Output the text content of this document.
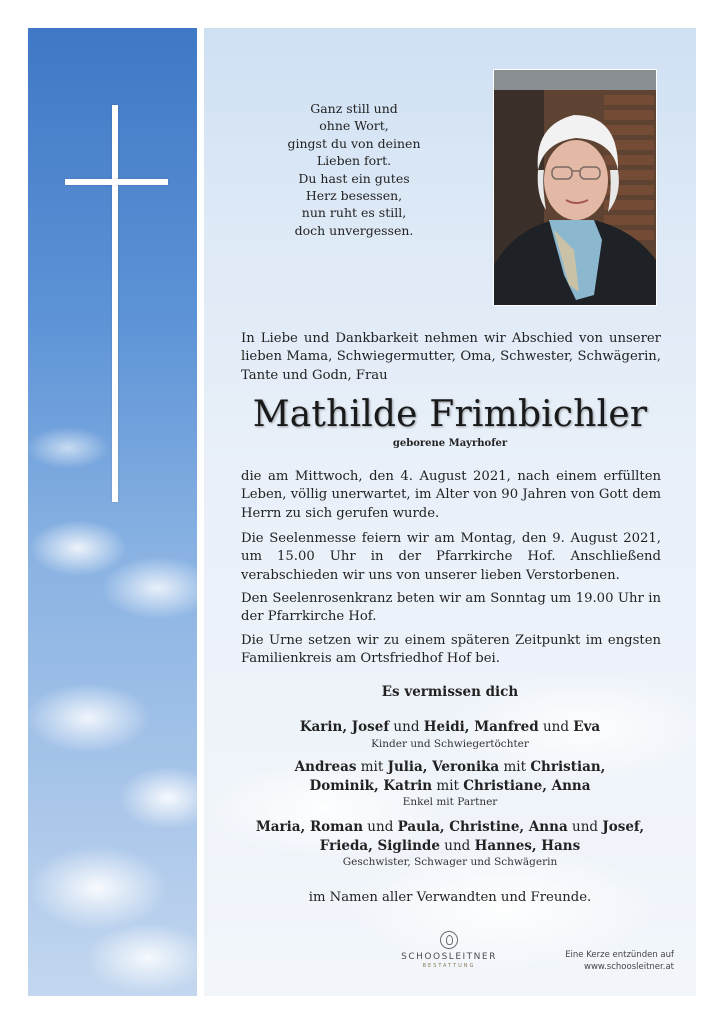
Ganz still und
ohne Wort,
gingst du von deinen
Lieben fort.
Du hast ein gutes
Herz besessen,
nun ruht es still,
doch unvergessen.
In Liebe und Dankbarkeit nehmen wir Abschied von unserer lieben Mama, Schwiegermutter, Oma, Schwester, Schwägerin, Tante und Godn, Frau
Mathilde Frimbichler
geborene Mayrhofer
die am Mittwoch, den 4. August 2021, nach einem erfüllten Leben, völlig unerwartet, im Alter von 90 Jahren von Gott dem Herrn zu sich gerufen wurde.
Die Seelenmesse feiern wir am Montag, den 9. August 2021, um 15.00 Uhr in der Pfarrkirche Hof. Anschließend verabschieden wir uns von unserer lieben Verstorbenen.
Den Seelenrosenkranz beten wir am Sonntag um 19.00 Uhr in der Pfarrkirche Hof.
Die Urne setzen wir zu einem späteren Zeitpunkt im engsten Familienkreis am Ortsfriedhof Hof bei.
Es vermissen dich
Karin, Josef und Heidi, Manfred und Eva
Kinder und Schwiegertöchter
Andreas mit Julia, Veronika mit Christian,
Dominik, Katrin mit Christiane, Anna
Enkel mit Partner
Maria, Roman und Paula, Christine, Anna und Josef,
Frieda, Siglinde und Hannes, Hans
Geschwister, Schwager und Schwägerin
im Namen aller Verwandten und Freunde.
SCHOOSLEITNER
BESTATTUNG
Eine Kerze entzünden auf
www.schoosleitner.at
